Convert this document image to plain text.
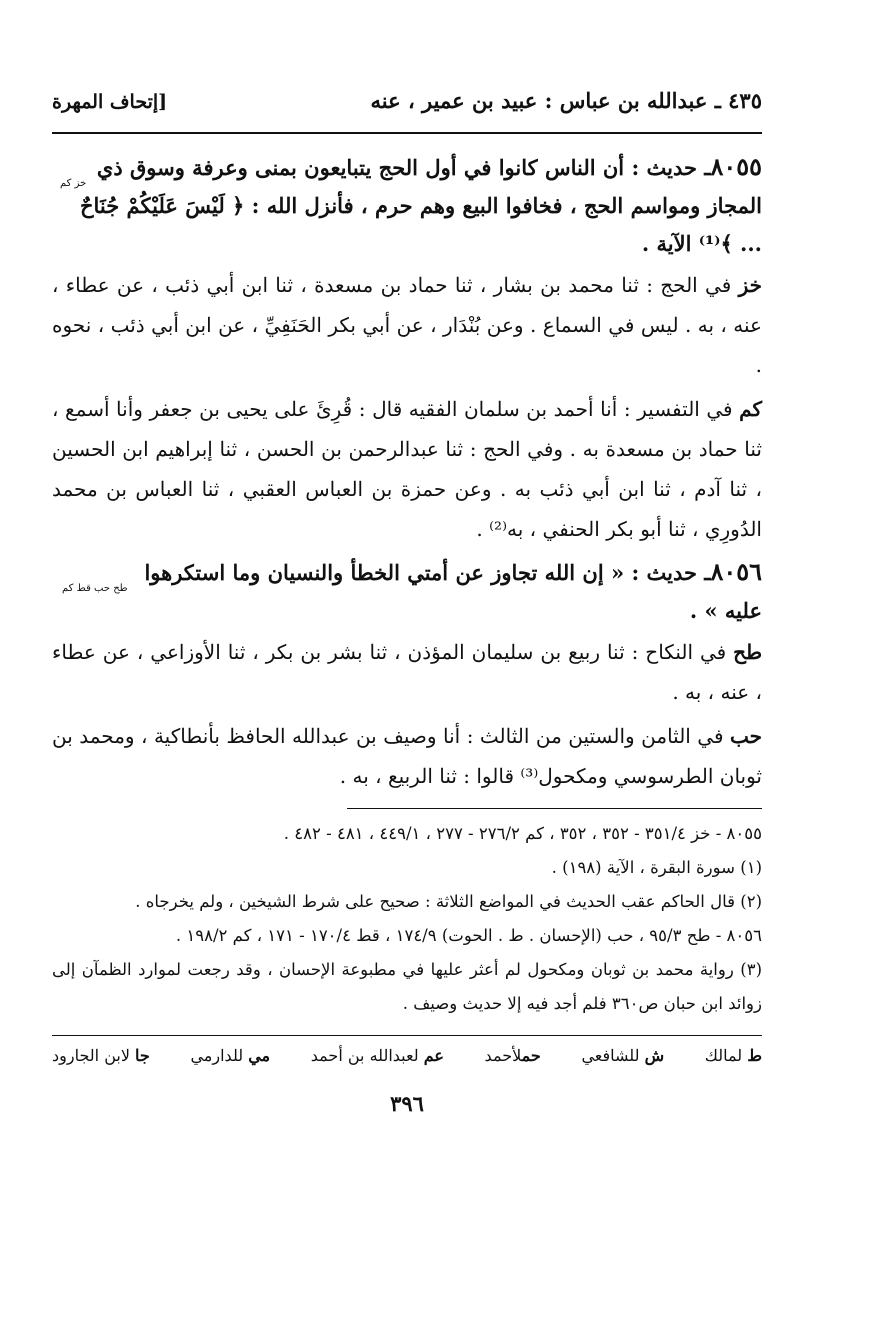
٤٣٥ ـ عبدالله بن عباس : عبيد بن عمير ، عنه
[إتحاف المهرة
٨٠٥٥ـ حديث : أن الناس كانوا في أول الحج يتبايعون بمنى وعرفة وسوق ذي
خز كم
المجاز ومواسم الحج ، فخافوا البيع وهم حرم ، فأنزل الله : ﴿ لَيْسَ عَلَيْكُمْ جُنَاحٌ
... ﴾⁽¹⁾ الآية .

خز في الحج : ثنا محمد بن بشار ، ثنا حماد بن مسعدة ، ثنا ابن أبي ذئب ، عن عطاء ، عنه ، به . ليس في السماع . وعن بُنْدَار ، عن أبي بكر الحَنَفِيِّ ، عن ابن أبي ذئب ، نحوه .

كم في التفسير : أنا أحمد بن سلمان الفقيه قال : قُرِئَ على يحيى بن جعفر وأنا أسمع ، ثنا حماد بن مسعدة به . وفي الحج : ثنا عبدالرحمن بن الحسن ، ثنا إبراهيم ابن الحسين ، ثنا آدم ، ثنا ابن أبي ذئب به . وعن حمزة بن العباس العقبي ، ثنا العباس بن محمد الدُورِي ، ثنا أبو بكر الحنفي ، به⁽²⁾ .

٨٠٥٦ـ حديث : « إن الله تجاوز عن أمتي الخطأ والنسيان وما استكرهوا
طح حب قط كم
عليه » .

طح في النكاح : ثنا ربيع بن سليمان المؤذن ، ثنا بشر بن بكر ، ثنا الأوزاعي ، عن عطاء ، عنه ، به .

حب في الثامن والستين من الثالث : أنا وصيف بن عبدالله الحافظ بأنطاكية ، ومحمد بن ثوبان الطرسوسي ومكحول⁽³⁾ قالوا : ثنا الربيع ، به .

٨٠٥٥ - خز ٣٥١/٤ - ٣٥٢ ، ٣٥٢ ، كم ٢٧٦/٢ - ٢٧٧ ، ٤٤٩/١ ، ٤٨١ - ٤٨٢ .

(١) سورة البقرة ، الآية (١٩٨) .

(٢) قال الحاكم عقب الحديث في المواضع الثلاثة : صحيح على شرط الشيخين ، ولم يخرجاه .

٨٠٥٦ - طح ٩٥/٣ ، حب (الإحسان . ط . الحوت) ١٧٤/٩ ، قط ١٧٠/٤ - ١٧١ ، كم ١٩٨/٢ .

(٣) رواية محمد بن ثوبان ومكحول لم أعثر عليها في مطبوعة الإحسان ، وقد رجعت لموارد الظمآن إلى زوائد ابن حبان ص٣٦٠ فلم أجد فيه إلا حديث وصيف .

ط لمالك
ش للشافعي
حملأحمد
عم لعبدالله بن أحمد
مي للدارمي
جا لابن الجارود
٣٩٦
